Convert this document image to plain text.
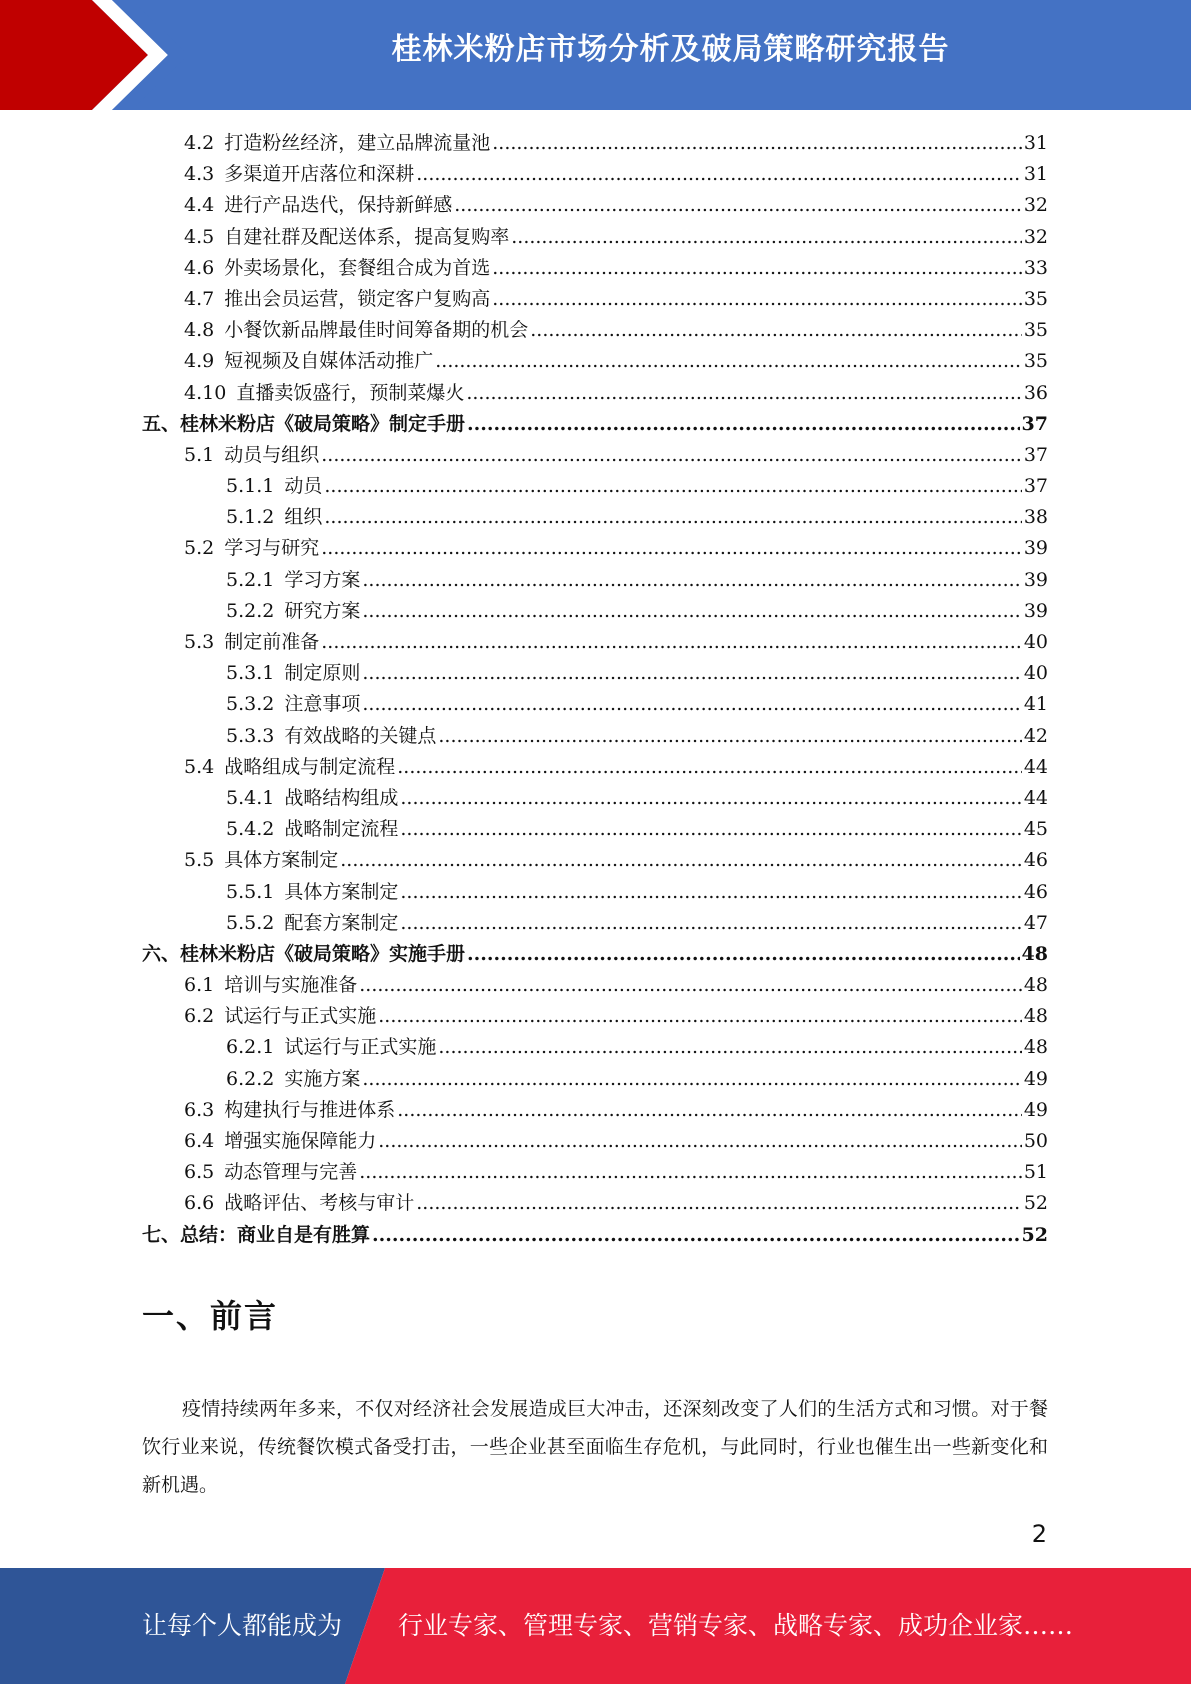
桂林米粉店市场分析及破局策略研究报告
4.2 打造粉丝经济，建立品牌流量池 .....	31
4.3 多渠道开店落位和深耕 .....	31
4.4 进行产品迭代，保持新鲜感 .....	32
4.5 自建社群及配送体系，提高复购率 .....	32
4.6 外卖场景化，套餐组合成为首选 .....	33
4.7 推出会员运营，锁定客户复购高 .....	35
4.8 小餐饮新品牌最佳时间筹备期的机会 .....	35
4.9 短视频及自媒体活动推广 .....	35
4.10 直播卖饭盛行，预制菜爆火 .....	36
五、桂林米粉店《破局策略》制定手册 .....	37
5.1 动员与组织 .....	37
5.1.1 动员 .....	37
5.1.2 组织 .....	38
5.2 学习与研究 .....	39
5.2.1 学习方案 .....	39
5.2.2 研究方案 .....	39
5.3 制定前准备 .....	40
5.3.1 制定原则 .....	40
5.3.2 注意事项 .....	41
5.3.3 有效战略的关键点 .....	42
5.4 战略组成与制定流程 .....	44
5.4.1 战略结构组成 .....	44
5.4.2 战略制定流程 .....	45
5.5 具体方案制定 .....	46
5.5.1 具体方案制定 .....	46
5.5.2 配套方案制定 .....	47
六、桂林米粉店《破局策略》实施手册 .....	48
6.1 培训与实施准备 .....	48
6.2 试运行与正式实施 .....	48
6.2.1 试运行与正式实施 .....	48
6.2.2 实施方案 .....	49
6.3 构建执行与推进体系 .....	49
6.4 增强实施保障能力 .....	50
6.5 动态管理与完善 .....	51
6.6 战略评估、考核与审计 .....	52
七、总结：商业自是有胜算 .....	52
一、前言
疫情持续两年多来，不仅对经济社会发展造成巨大冲击，还深刻改变了人们的生活方式和习惯。对于餐饮行业来说，传统餐饮模式备受打击，一些企业甚至面临生存危机，与此同时，行业也催生出一些新变化和新机遇。
2
让每个人都能成为 行业专家、管理专家、营销专家、战略专家、成功企业家……
